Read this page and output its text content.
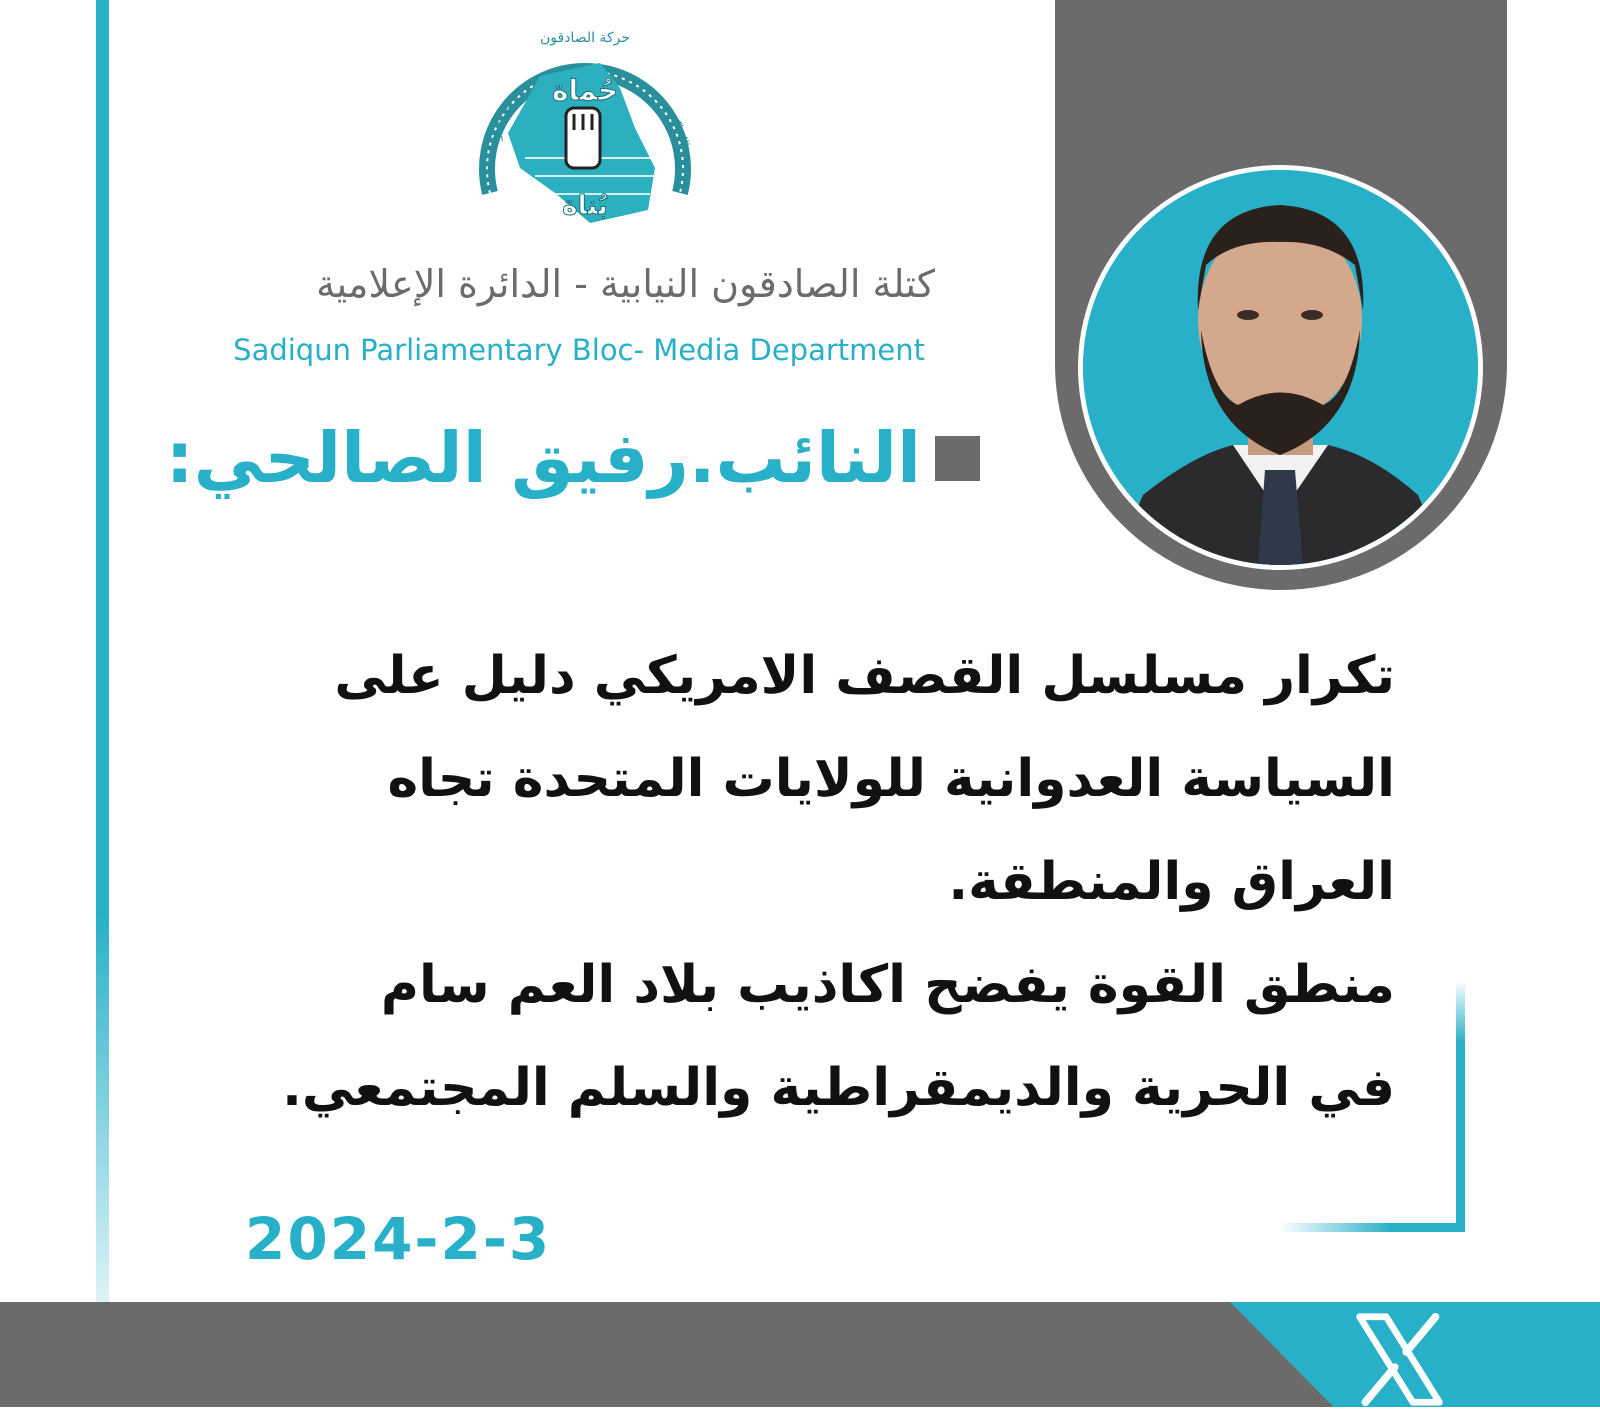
حُماة
بُناة
حركة الصادقون
الله اكبر	الله اكبر
كتلة الصادقون النيابية - الدائرة الإعلامية
Sadiqun Parliamentary Bloc- Media Department
النائب.رفيق الصالحي:
تكرار مسلسل القصف الامريكي دليل على
السياسة العدوانية للولايات المتحدة تجاه
العراق والمنطقة.
منطق القوة يفضح اكاذيب بلاد العم سام
في الحرية والديمقراطية والسلم المجتمعي.
2024-2-3
